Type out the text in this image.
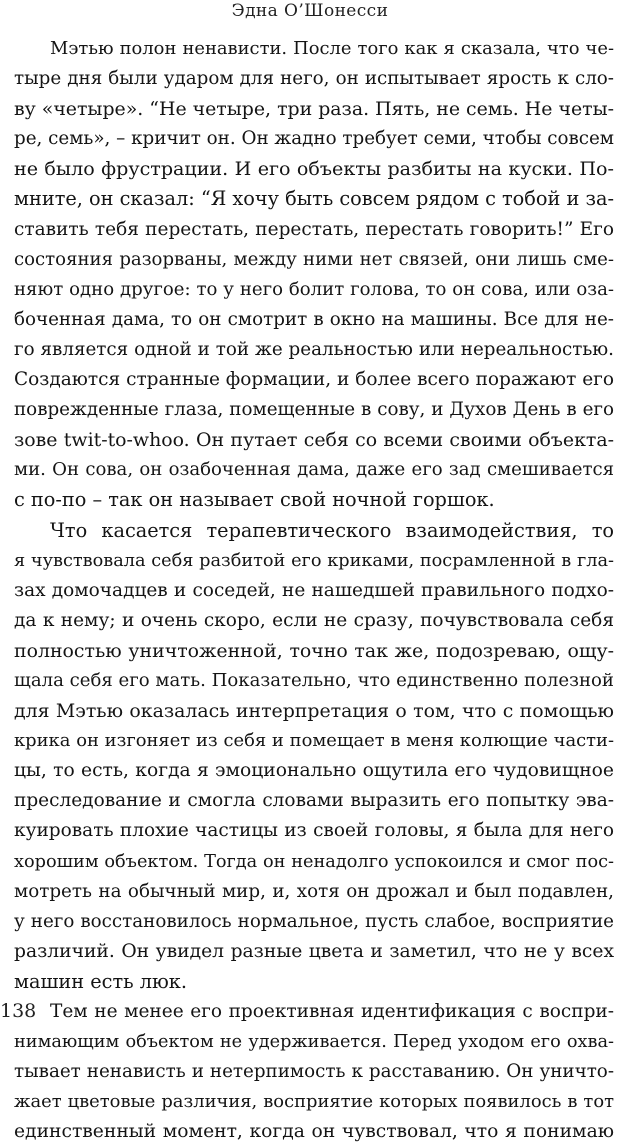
Эдна О’Шонесси
Мэтью полон ненависти. После того как я сказала, что че-
тыре дня были ударом для него, он испытывает ярость к сло-
ву «четыре». “Не четыре, три раза. Пять, не семь. Не четы-
ре, семь», – кричит он. Он жадно требует семи, чтобы совсем
не было фрустрации. И его объекты разбиты на куски. По-
мните, он сказал: “Я хочу быть совсем рядом с тобой и за-
ставить тебя перестать, перестать, перестать говорить!” Его
состояния разорваны, между ними нет связей, они лишь сме-
няют одно другое: то у него болит голова, то он сова, или оза-
боченная дама, то он смотрит в окно на машины. Все для не-
го является одной и той же реальностью или нереальностью.
Создаются странные формации, и более всего поражают его
поврежденные глаза, помещенные в сову, и Духов День в его
зове twit-to-whoo. Он путает себя со всеми своими объекта-
ми. Он сова, он озабоченная дама, даже его зад смешивается
с по-по – так он называет свой ночной горшок.
Что касается терапевтического взаимодействия, то
я чувствовала себя разбитой его криками, посрамленной в гла-
зах домочадцев и соседей, не нашедшей правильного подхо-
да к нему; и очень скоро, если не сразу, почувствовала себя
полностью уничтоженной, точно так же, подозреваю, ощу-
щала себя его мать. Показательно, что единственно полезной
для Мэтью оказалась интерпретация о том, что с помощью
крика он изгоняет из себя и помещает в меня колющие части-
цы, то есть, когда я эмоционально ощутила его чудовищное
преследование и смогла словами выразить его попытку эва-
куировать плохие частицы из своей головы, я была для него
хорошим объектом. Тогда он ненадолго успокоился и смог пос-
мотреть на обычный мир, и, хотя он дрожал и был подавлен,
у него восстановилось нормальное, пусть слабое, восприятие
различий. Он увидел разные цвета и заметил, что не у всех
машин есть люк.
Тем не менее его проективная идентификация с воспри-
нимающим объектом не удерживается. Перед уходом его охва-
тывает ненависть и нетерпимость к расставанию. Он уничто-
жает цветовые различия, восприятие которых появилось в тот
единственный момент, когда он чувствовал, что я понимаю
138
